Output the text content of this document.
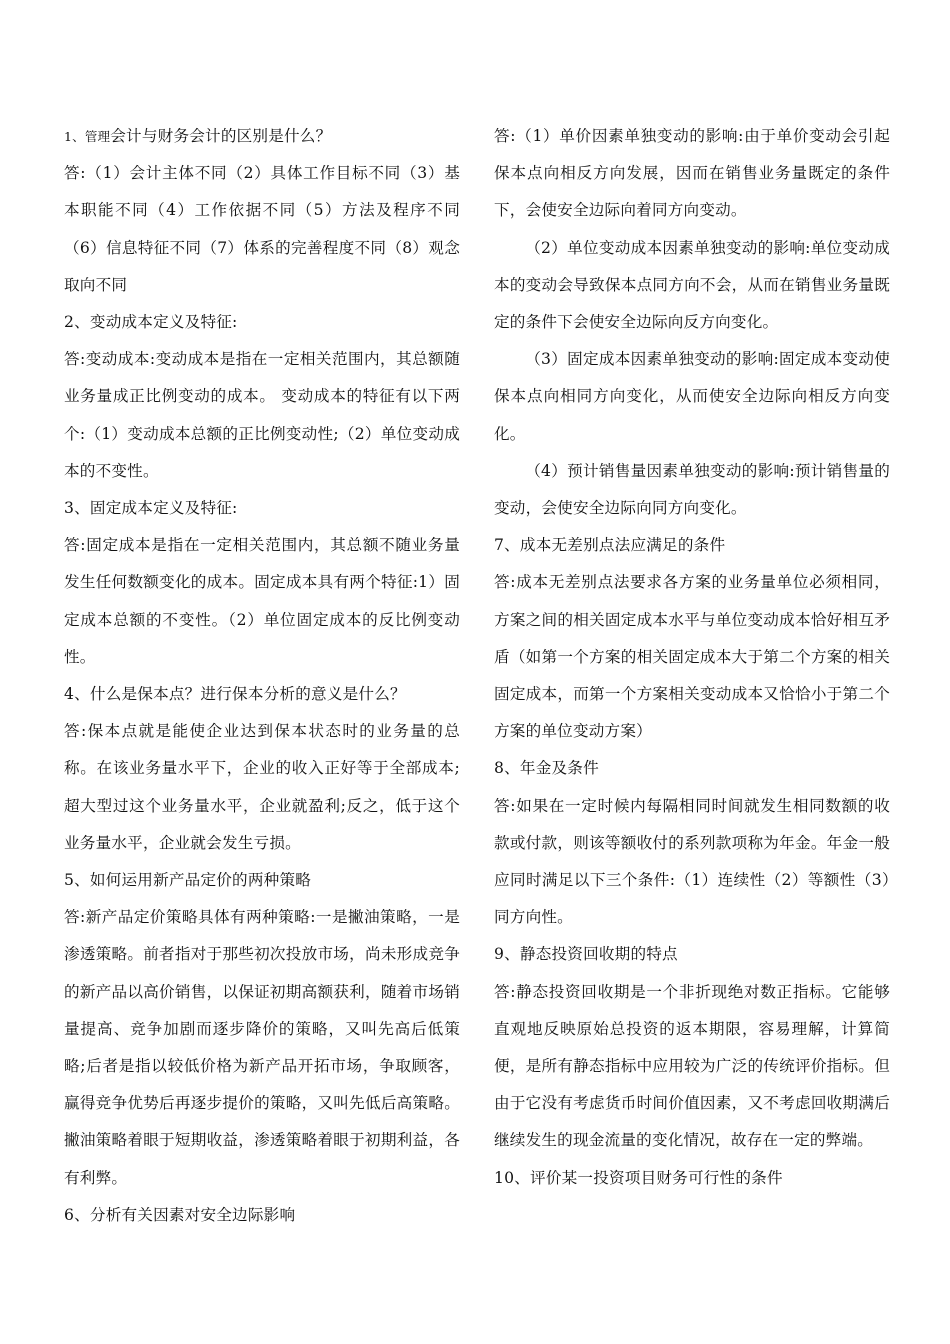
1、管理会计与财务会计的区别是什么？

答:（1）会计主体不同（2）具体工作目标不同（3）基本职能不同（4）工作依据不同（5）方法及程序不同（6）信息特征不同（7）体系的完善程度不同（8）观念取向不同

2、变动成本定义及特征:

答:变动成本:变动成本是指在一定相关范围内，其总额随业务量成正比例变动的成本。 变动成本的特征有以下两个:（1）变动成本总额的正比例变动性;（2）单位变动成本的不变性。

3、固定成本定义及特征:

答:固定成本是指在一定相关范围内，其总额不随业务量发生任何数额变化的成本。固定成本具有两个特征:1）固定成本总额的不变性。（2）单位固定成本的反比例变动性。

4、什么是保本点？进行保本分析的意义是什么？

答:保本点就是能使企业达到保本状态时的业务量的总称。在该业务量水平下，企业的收入正好等于全部成本;超大型过这个业务量水平，企业就盈利;反之，低于这个业务量水平，企业就会发生亏损。

5、如何运用新产品定价的两种策略

答:新产品定价策略具体有两种策略:一是撇油策略，一是渗透策略。前者指对于那些初次投放市场，尚未形成竞争的新产品以高价销售，以保证初期高额获利，随着市场销量提高、竞争加剧而逐步降价的策略，又叫先高后低策略;后者是指以较低价格为新产品开拓市场，争取顾客，赢得竞争优势后再逐步提价的策略，又叫先低后高策略。撇油策略着眼于短期收益，渗透策略着眼于初期利益，各有利弊。

6、分析有关因素对安全边际影响

答:（1）单价因素单独变动的影响:由于单价变动会引起保本点向相反方向发展，因而在销售业务量既定的条件下，会使安全边际向着同方向变动。

（2）单位变动成本因素单独变动的影响:单位变动成本的变动会导致保本点同方向不会，从而在销售业务量既定的条件下会使安全边际向反方向变化。

（3）固定成本因素单独变动的影响:固定成本变动使保本点向相同方向变化，从而使安全边际向相反方向变化。

（4）预计销售量因素单独变动的影响:预计销售量的变动，会使安全边际向同方向变化。

7、成本无差别点法应满足的条件

答:成本无差别点法要求各方案的业务量单位必须相同，方案之间的相关固定成本水平与单位变动成本恰好相互矛盾（如第一个方案的相关固定成本大于第二个方案的相关固定成本，而第一个方案相关变动成本又恰恰小于第二个方案的单位变动方案）

8、年金及条件

答:如果在一定时候内每隔相同时间就发生相同数额的收款或付款，则该等额收付的系列款项称为年金。年金一般应同时满足以下三个条件:（1）连续性（2）等额性（3）同方向性。

9、静态投资回收期的特点

答:静态投资回收期是一个非折现绝对数正指标。它能够直观地反映原始总投资的返本期限，容易理解，计算简便，是所有静态指标中应用较为广泛的传统评价指标。但由于它没有考虑货币时间价值因素，又不考虑回收期满后继续发生的现金流量的变化情况，故存在一定的弊端。

10、评价某一投资项目财务可行性的条件
